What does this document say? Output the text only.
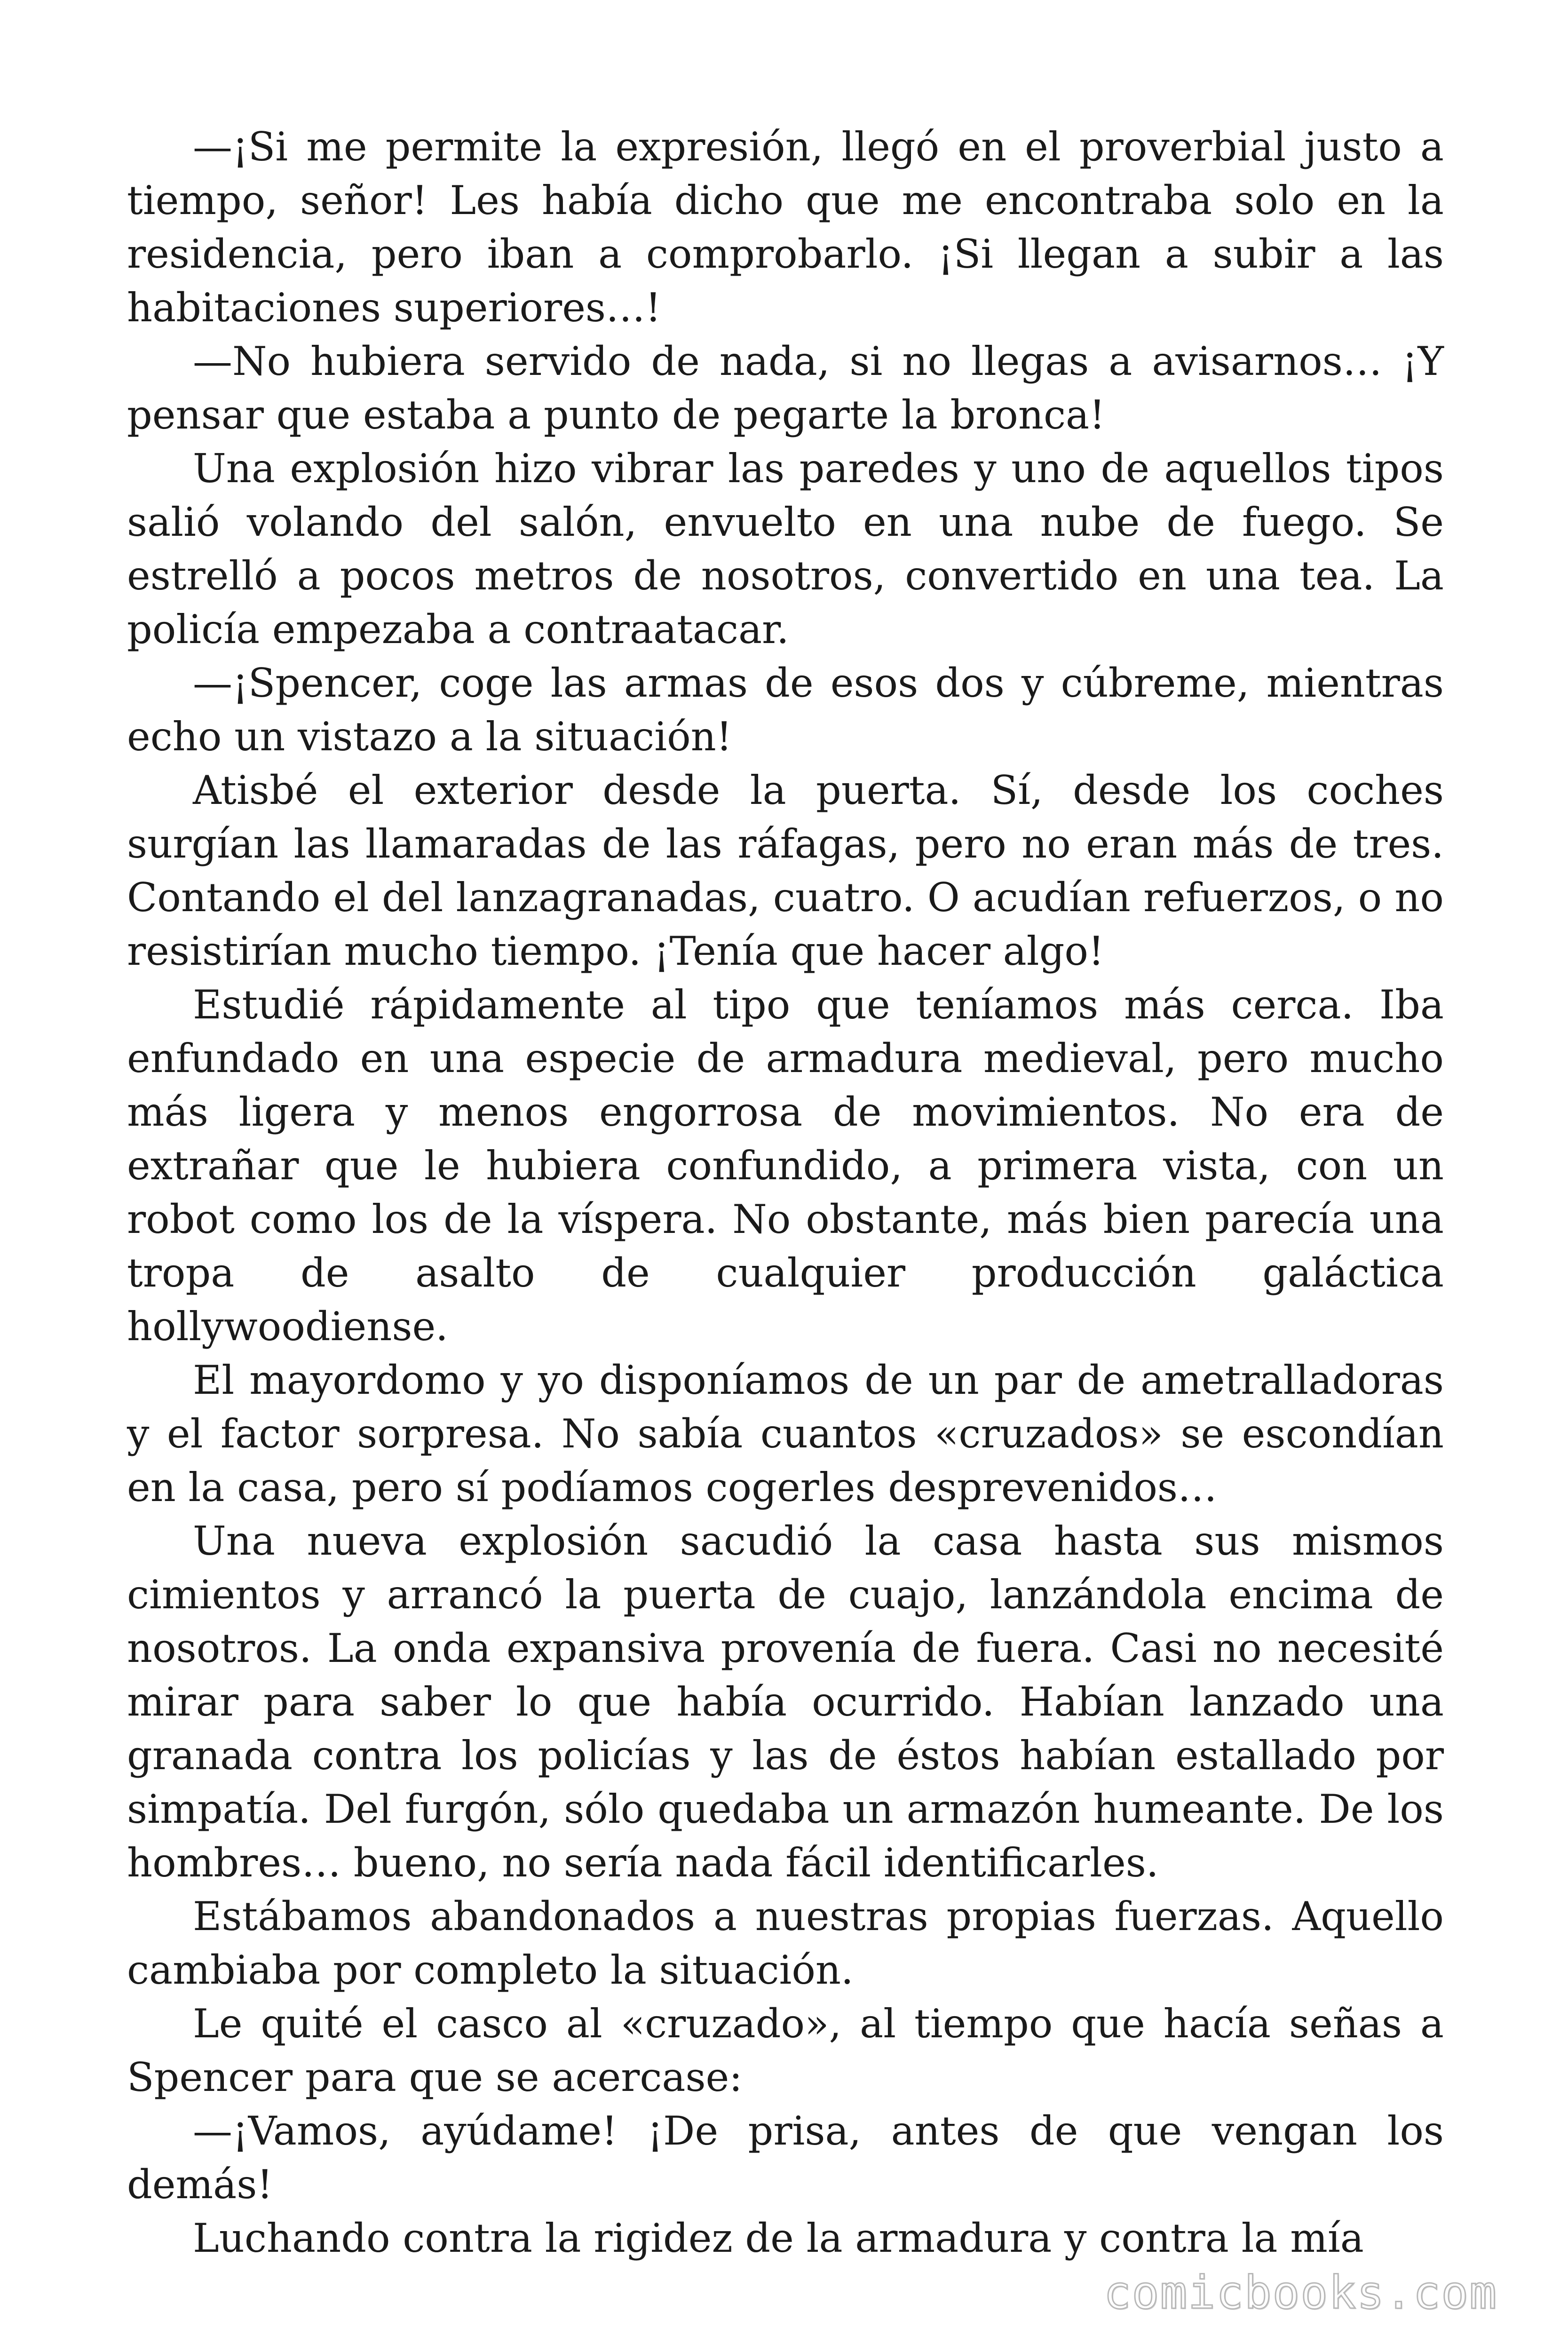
—¡Si me permite la expresión, llegó en el proverbial justo a tiempo, señor! Les había dicho que me encontraba solo en la residencia, pero iban a comprobarlo. ¡Si llegan a subir a las habitaciones superiores…!

—No hubiera servido de nada, si no llegas a avisarnos… ¡Y pensar que estaba a punto de pegarte la bronca!

Una explosión hizo vibrar las paredes y uno de aquellos tipos salió volando del salón, envuelto en una nube de fuego. Se estrelló a pocos metros de nosotros, convertido en una tea. La policía empezaba a contraatacar.

—¡Spencer, coge las armas de esos dos y cúbreme, mientras echo un vistazo a la situación!

Atisbé el exterior desde la puerta. Sí, desde los coches surgían las llamaradas de las ráfagas, pero no eran más de tres. Contando el del lanzagranadas, cuatro. O acudían refuerzos, o no resistirían mucho tiempo. ¡Tenía que hacer algo!

Estudié rápidamente al tipo que teníamos más cerca. Iba enfundado en una especie de armadura medieval, pero mucho más ligera y menos engorrosa de movimientos. No era de extrañar que le hubiera confundido, a primera vista, con un robot como los de la víspera. No obstante, más bien parecía una tropa de asalto de cualquier producción galáctica hollywoodiense.

El mayordomo y yo disponíamos de un par de ametralladoras y el factor sorpresa. No sabía cuantos «cruzados» se escondían en la casa, pero sí podíamos cogerles desprevenidos…

Una nueva explosión sacudió la casa hasta sus mismos cimientos y arrancó la puerta de cuajo, lanzándola encima de nosotros. La onda expansiva provenía de fuera. Casi no necesité mirar para saber lo que había ocurrido. Habían lanzado una granada contra los policías y las de éstos habían estallado por simpatía. Del furgón, sólo quedaba un armazón humeante. De los hombres… bueno, no sería nada fácil identificarles.

Estábamos abandonados a nuestras propias fuerzas. Aquello cambiaba por completo la situación.

Le quité el casco al «cruzado», al tiempo que hacía señas a Spencer para que se acercase:

—¡Vamos, ayúdame! ¡De prisa, antes de que vengan los demás!

Luchando contra la rigidez de la armadura y contra la mía

comicbooks.com
